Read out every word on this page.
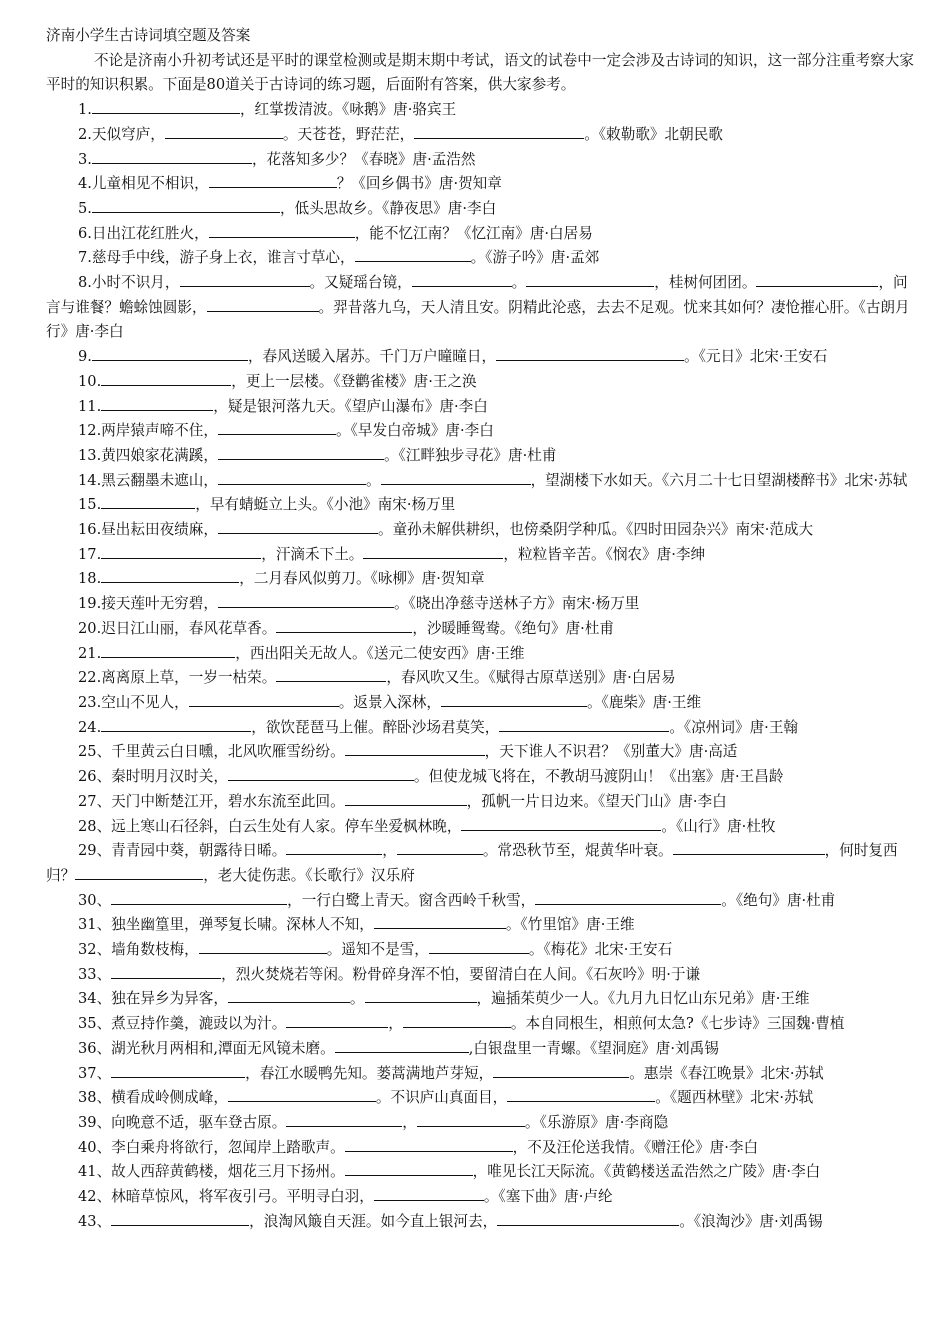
济南小学生古诗词填空题及答案

不论是济南小升初考试还是平时的课堂检测或是期末期中考试，语文的试卷中一定会涉及古诗词的知识，这一部分注重考察大家平时的知识积累。下面是80道关于古诗词的练习题，后面附有答案，供大家参考。

1.	，红掌拨清波。《咏鹅》唐·骆宾王

2.天似穹庐，	。天苍苍，野茫茫，	。《敕勒歌》北朝民歌

3.	，花落知多少？《春晓》唐·孟浩然

4.儿童相见不相识，	？《回乡偶书》唐·贺知章

5.	，低头思故乡。《静夜思》唐·李白

6.日出江花红胜火，	，能不忆江南？《忆江南》唐·白居易

7.慈母手中线，游子身上衣，谁言寸草心，	。《游子吟》唐·孟郊

8.小时不识月，	。又疑瑶台镜，	。	，桂树何团团。	，问言与谁餐？蟾蜍蚀圆影，	。羿昔落九乌，天人清且安。阴精此沦惑，去去不足观。忧来其如何？凄怆摧心肝。《古朗月行》唐·李白

9.	，春风送暖入屠苏。千门万户曈曈日，	。《元日》北宋·王安石

10.	，更上一层楼。《登鹳雀楼》唐·王之涣

11.	，疑是银河落九天。《望庐山瀑布》唐·李白

12.两岸猿声啼不住，	。《早发白帝城》唐·李白

13.黄四娘家花满蹊，	。《江畔独步寻花》唐·杜甫

14.黑云翻墨未遮山，	。	，望湖楼下水如天。《六月二十七日望湖楼醉书》北宋·苏轼

15.	，早有蜻蜓立上头。《小池》南宋·杨万里

16.昼出耘田夜绩麻，	。童孙未解供耕织，也傍桑阴学种瓜。《四时田园杂兴》南宋·范成大

17.	，汗滴禾下土。	，粒粒皆辛苦。《悯农》唐·李绅

18.	，二月春风似剪刀。《咏柳》唐·贺知章

19.接天莲叶无穷碧，	。《晓出净慈寺送林子方》南宋·杨万里

20.迟日江山丽，春风花草香。	，沙暖睡鸳鸯。《绝句》唐·杜甫

21.	，西出阳关无故人。《送元二使安西》唐·王维

22.离离原上草，一岁一枯荣。	，春风吹又生。《赋得古原草送别》唐·白居易

23.空山不见人，	。返景入深林，	。《鹿柴》唐·王维

24.	，欲饮琵琶马上催。醉卧沙场君莫笑，	。《凉州词》唐·王翰

25、千里黄云白日曛，北风吹雁雪纷纷。	，天下谁人不识君？《别董大》唐·高适

26、秦时明月汉时关，	。但使龙城飞将在，不教胡马渡阴山！《出塞》唐·王昌龄

27、天门中断楚江开，碧水东流至此回。	，孤帆一片日边来。《望天门山》唐·李白

28、远上寒山石径斜，白云生处有人家。停车坐爱枫林晚，	。《山行》唐·杜牧

29、青青园中葵，朝露待日晞。	，	。常恐秋节至，焜黄华叶衰。	，何时复西归？	，老大徒伤悲。《长歌行》汉乐府

30、	，一行白鹭上青天。窗含西岭千秋雪，	。《绝句》唐·杜甫

31、独坐幽篁里，弹琴复长啸。深林人不知，	。《竹里馆》唐·王维

32、墙角数枝梅，	。遥知不是雪，	。《梅花》北宋·王安石

33、	，烈火焚烧若等闲。粉骨碎身浑不怕，要留清白在人间。《石灰吟》明·于谦

34、独在异乡为异客，	。	，遍插茱萸少一人。《九月九日忆山东兄弟》唐·王维

35、煮豆持作羹，漉豉以为汁。	，	。本自同根生，相煎何太急?《七步诗》三国魏·曹植

36、湖光秋月两相和,潭面无风镜未磨。	,白银盘里一青螺。《望洞庭》唐·刘禹锡

37、	，春江水暖鸭先知。蒌蒿满地芦芽短，	。惠崇《春江晚景》北宋·苏轼

38、横看成岭侧成峰，	。不识庐山真面目，	。《题西林壁》北宋·苏轼

39、向晚意不适，驱车登古原。	，	。《乐游原》唐·李商隐

40、李白乘舟将欲行，忽闻岸上踏歌声。	，不及汪伦送我情。《赠汪伦》唐·李白

41、故人西辞黄鹤楼，烟花三月下扬州。	，唯见长江天际流。《黄鹤楼送孟浩然之广陵》唐·李白

42、林暗草惊风，将军夜引弓。平明寻白羽，	。《塞下曲》唐·卢纶

43、	，浪淘风簸自天涯。如今直上银河去，	。《浪淘沙》唐·刘禹锡
